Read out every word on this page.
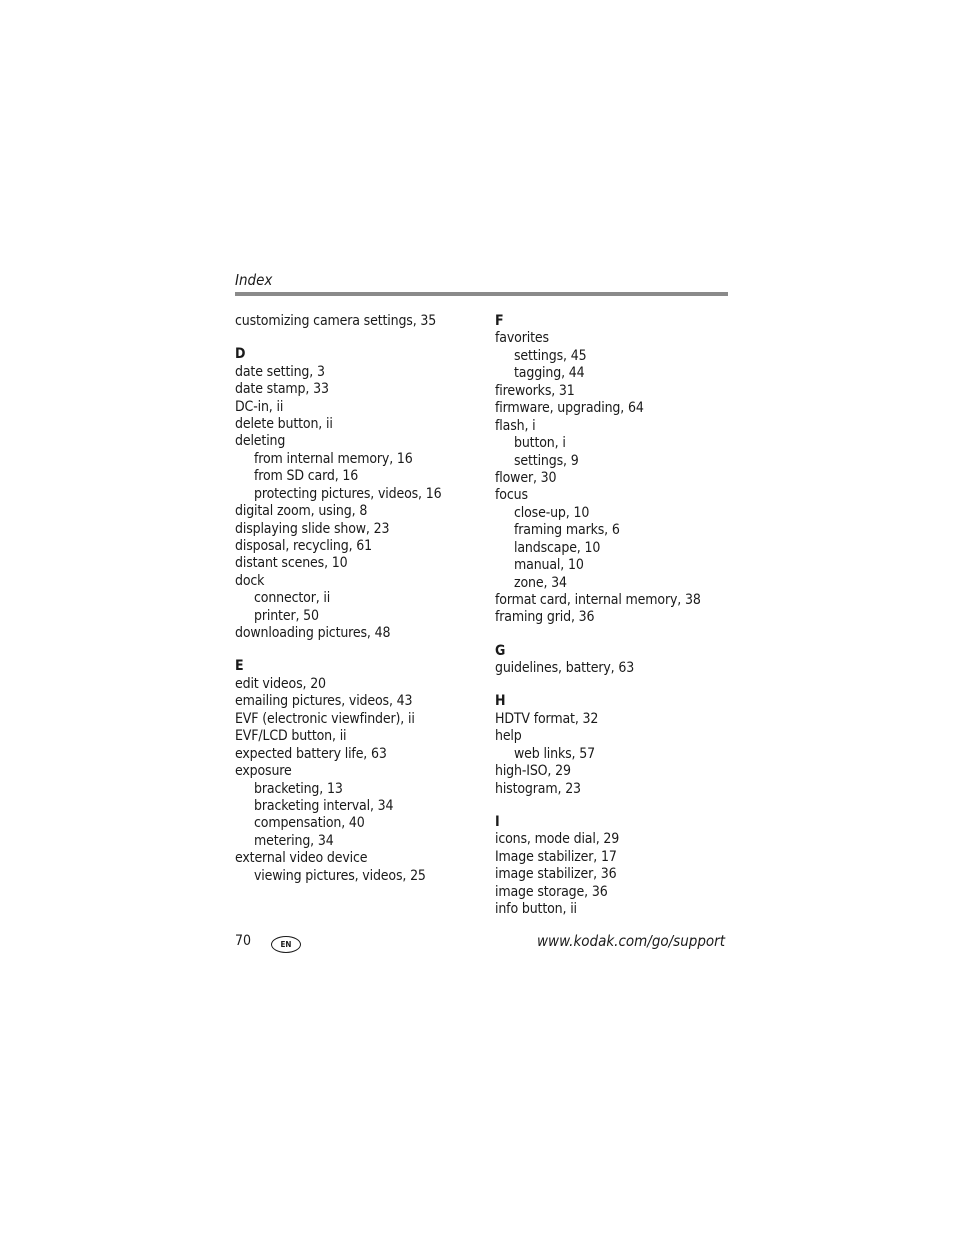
Index
customizing camera settings, 35
D
date setting, 3
date stamp, 33
DC-in, ii
delete button, ii
deleting
from internal memory, 16
from SD card, 16
protecting pictures, videos, 16
digital zoom, using, 8
displaying slide show, 23
disposal, recycling, 61
distant scenes, 10
dock
connector, ii
printer, 50
downloading pictures, 48
E
edit videos, 20
emailing pictures, videos, 43
EVF (electronic viewfinder), ii
EVF/LCD button, ii
expected battery life, 63
exposure
bracketing, 13
bracketing interval, 34
compensation, 40
metering, 34
external video device
viewing pictures, videos, 25
F
favorites
settings, 45
tagging, 44
fireworks, 31
firmware, upgrading, 64
flash, i
button, i
settings, 9
flower, 30
focus
close-up, 10
framing marks, 6
landscape, 10
manual, 10
zone, 34
format card, internal memory, 38
framing grid, 36
G
guidelines, battery, 63
H
HDTV format, 32
help
web links, 57
high-ISO, 29
histogram, 23
I
icons, mode dial, 29
Image stabilizer, 17
image stabilizer, 36
image storage, 36
info button, ii
70	EN	www.kodak.com/go/support
